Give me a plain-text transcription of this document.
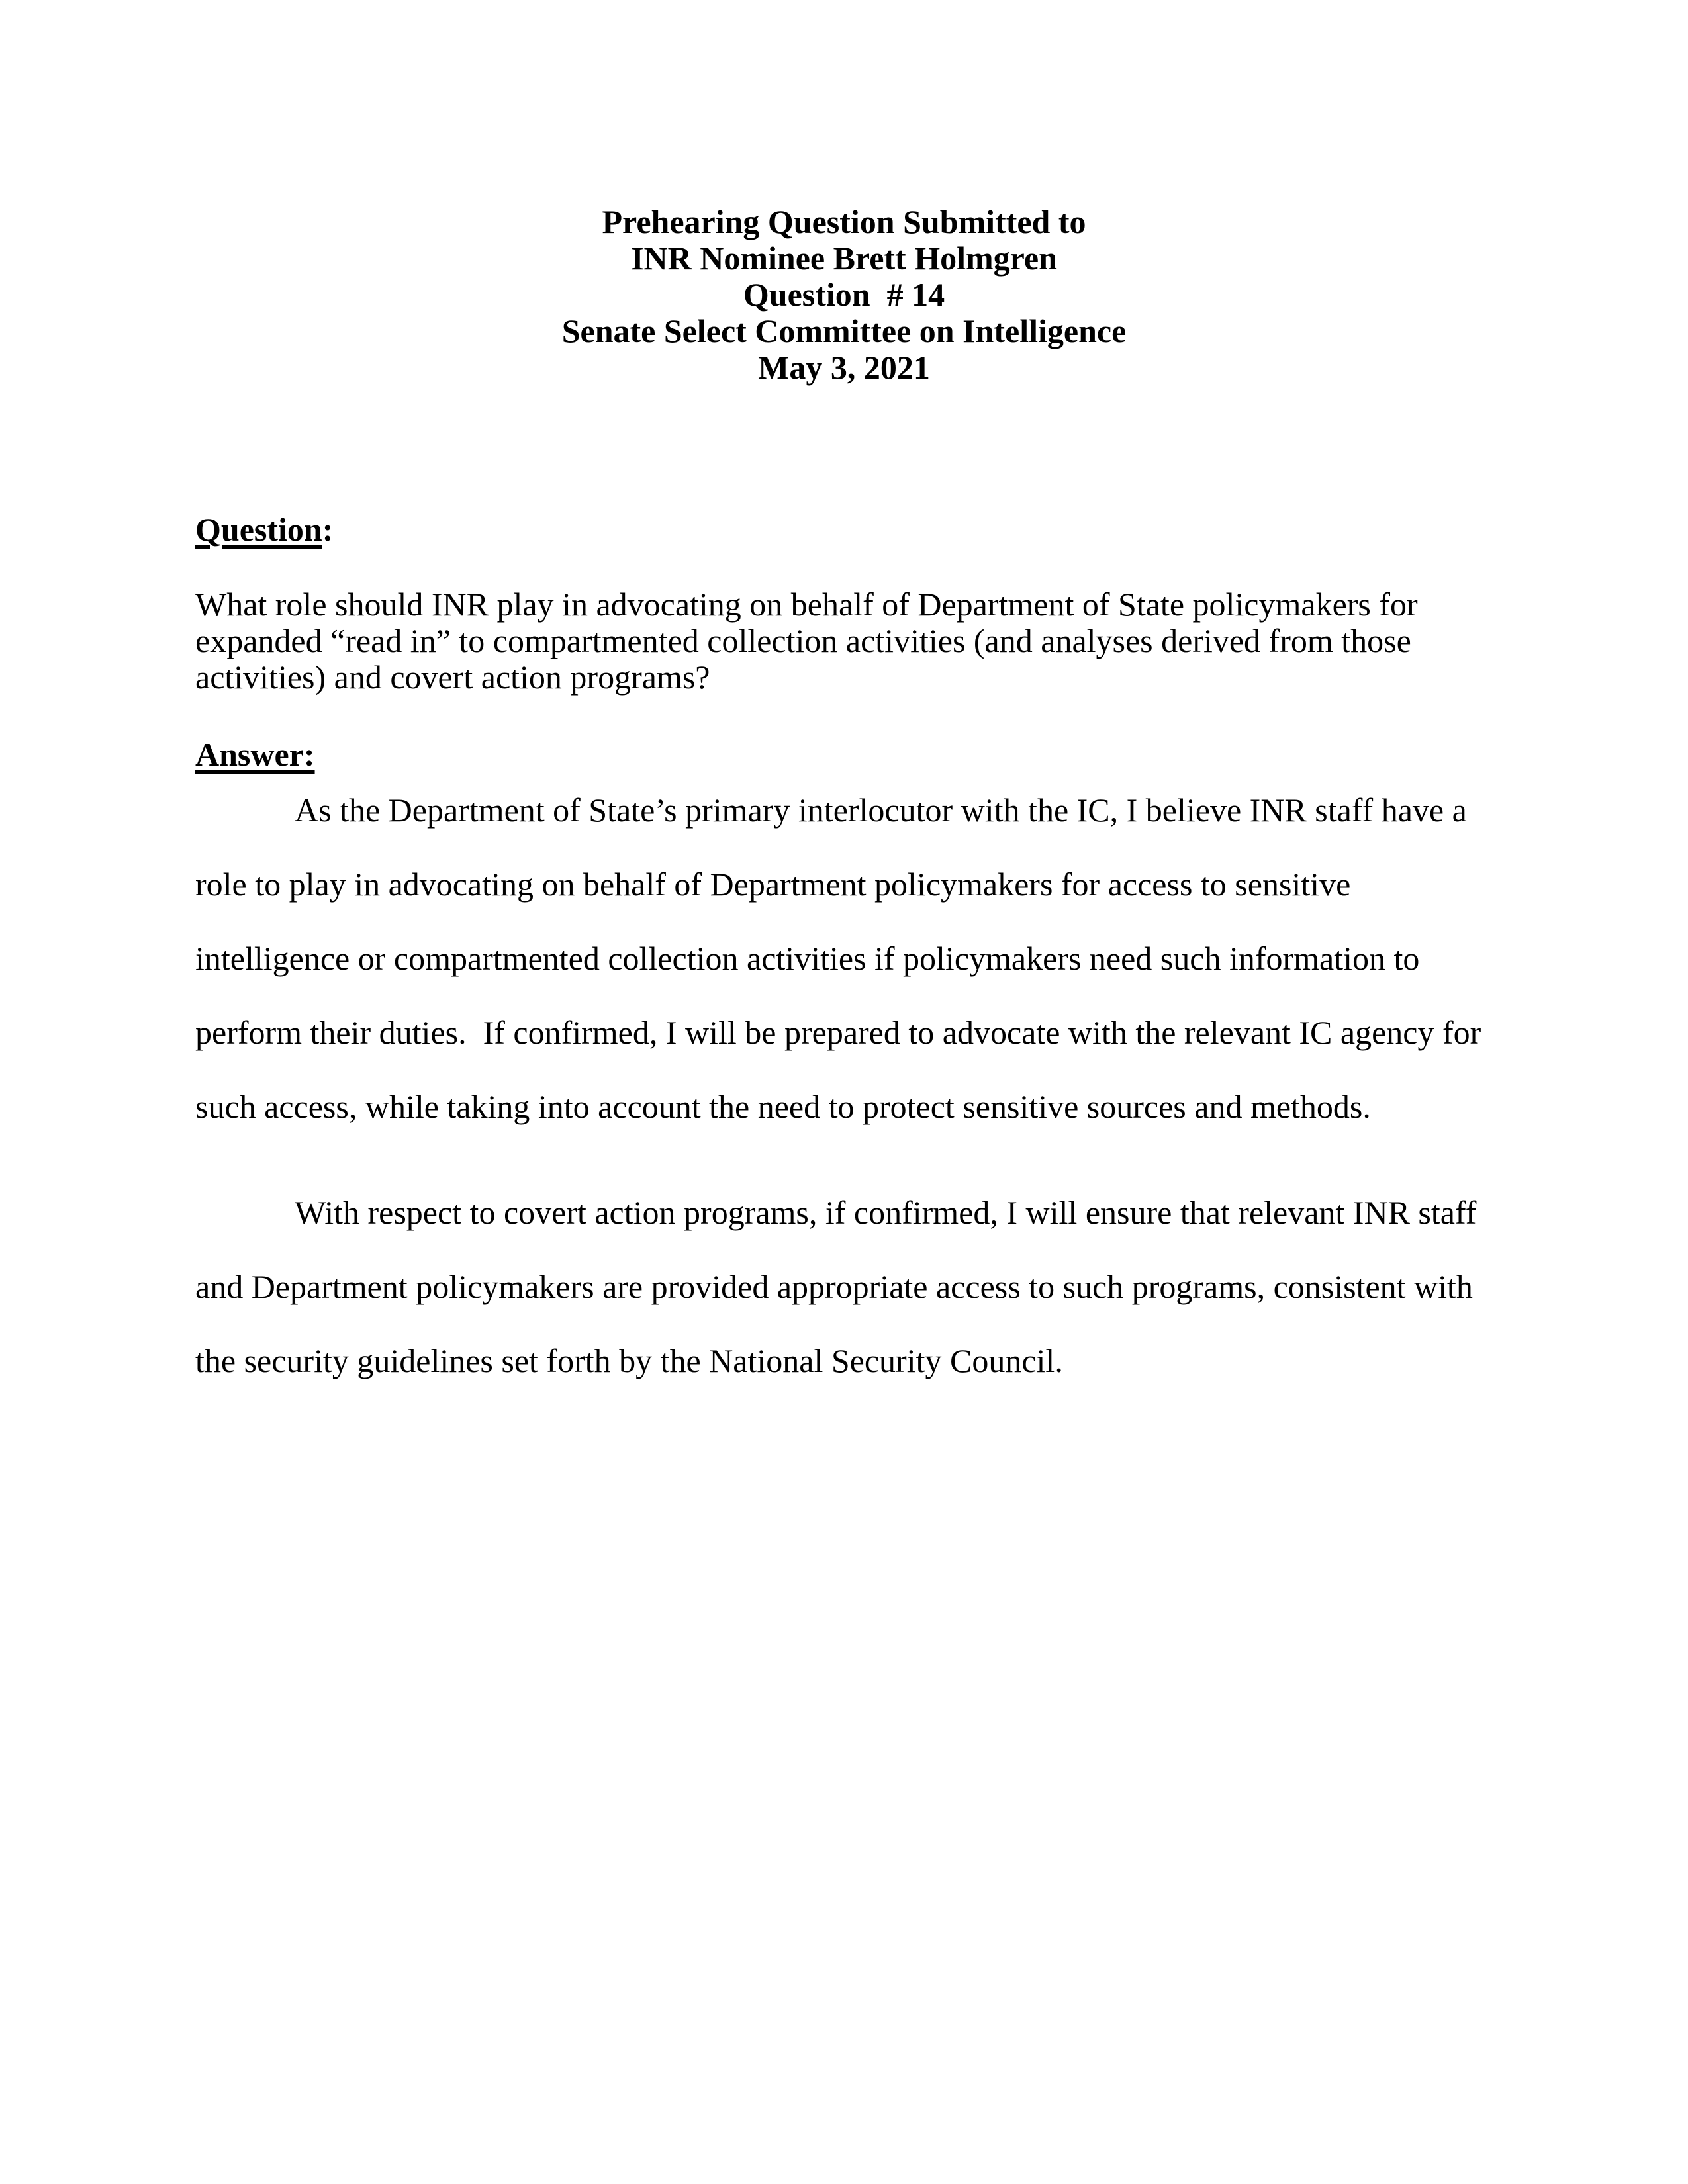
Prehearing Question Submitted to
INR Nominee Brett Holmgren
Question  # 14
Senate Select Committee on Intelligence
May 3, 2021
Question:
What role should INR play in advocating on behalf of Department of State policymakers for
expanded “read in” to compartmented collection activities (and analyses derived from those
activities) and covert action programs?
Answer:
As the Department of State’s primary interlocutor with the IC, I believe INR staff have a
role to play in advocating on behalf of Department policymakers for access to sensitive
intelligence or compartmented collection activities if policymakers need such information to
perform their duties.  If confirmed, I will be prepared to advocate with the relevant IC agency for
such access, while taking into account the need to protect sensitive sources and methods.
With respect to covert action programs, if confirmed, I will ensure that relevant INR staff
and Department policymakers are provided appropriate access to such programs, consistent with
the security guidelines set forth by the National Security Council.
